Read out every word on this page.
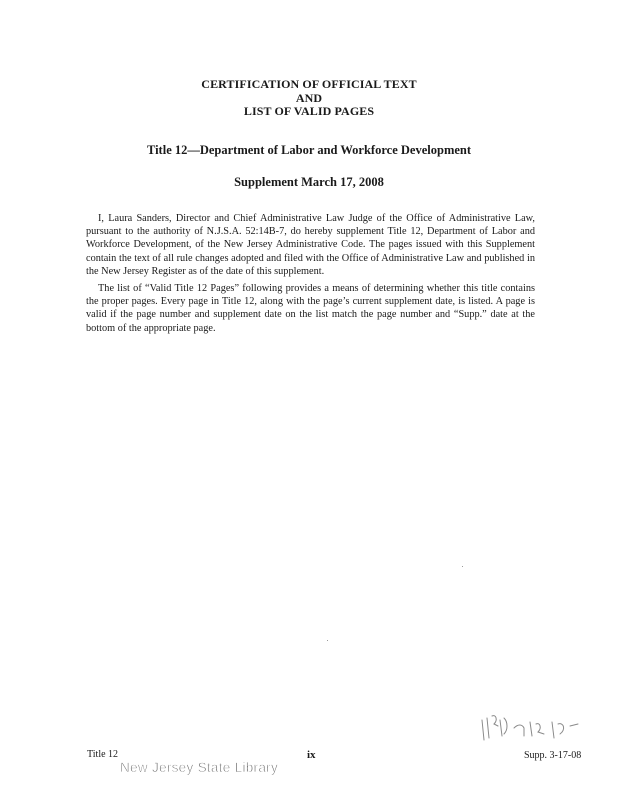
CERTIFICATION OF OFFICIAL TEXT
AND
LIST OF VALID PAGES
Title 12—Department of Labor and Workforce Development
Supplement March 17, 2008

I, Laura Sanders, Director and Chief Administrative Law Judge of the Office of Administrative Law, pursuant to the authority of N.J.S.A. 52:14B-7, do hereby supplement Title 12, Department of Labor and Workforce Development, of the New Jersey Administrative Code. The pages issued with this Supplement contain the text of all rule changes adopted and filed with the Office of Administrative Law and published in the New Jersey Register as of the date of this supplement.

The list of “Valid Title 12 Pages” following provides a means of determining whether this title contains the proper pages. Every page in Title 12, along with the page’s current supplement date, is listed. A page is valid if the page number and supplement date on the list match the page number and “Supp.” date at the bottom of the appropriate page.

Title 12	ix	Supp. 3-17-08
New Jersey State Library
